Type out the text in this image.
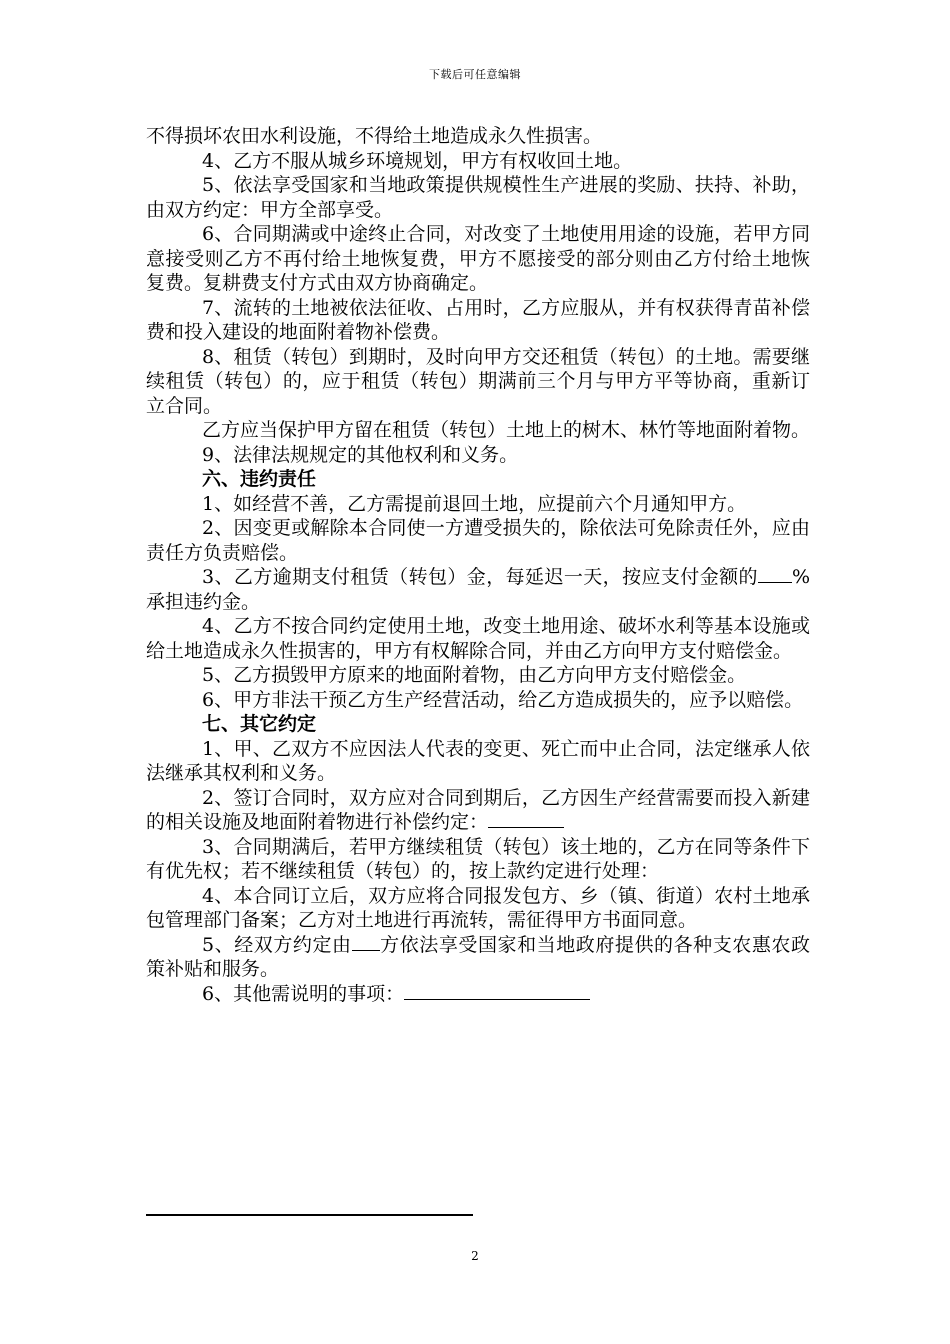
下载后可任意编辑

不得损坏农田水利设施，不得给土地造成永久性损害。

4、乙方不服从城乡环境规划，甲方有权收回土地。

5、依法享受国家和当地政策提供规模性生产进展的奖励、扶持、补助，由双方约定：甲方全部享受。

6、合同期满或中途终止合同，对改变了土地使用用途的设施，若甲方同意接受则乙方不再付给土地恢复费，甲方不愿接受的部分则由乙方付给土地恢复费。复耕费支付方式由双方协商确定。

7、流转的土地被依法征收、占用时，乙方应服从，并有权获得青苗补偿费和投入建设的地面附着物补偿费。

8、租赁（转包）到期时，及时向甲方交还租赁（转包）的土地。需要继续租赁（转包）的，应于租赁（转包）期满前三个月与甲方平等协商，重新订立合同。

乙方应当保护甲方留在租赁（转包）土地上的树木、林竹等地面附着物。

9、法律法规规定的其他权利和义务。

六、违约责任

1、如经营不善，乙方需提前退回土地，应提前六个月通知甲方。

2、因变更或解除本合同使一方遭受损失的，除依法可免除责任外，应由责任方负责赔偿。

3、乙方逾期支付租赁（转包）金，每延迟一天，按应支付金额的 %承担违约金。

4、乙方不按合同约定使用土地，改变土地用途、破坏水利等基本设施或给土地造成永久性损害的，甲方有权解除合同，并由乙方向甲方支付赔偿金。

5、乙方损毁甲方原来的地面附着物，由乙方向甲方支付赔偿金。

6、甲方非法干预乙方生产经营活动，给乙方造成损失的，应予以赔偿。

七、其它约定

1、甲、乙双方不应因法人代表的变更、死亡而中止合同，法定继承人依法继承其权利和义务。

2、签订合同时，双方应对合同到期后，乙方因生产经营需要而投入新建的相关设施及地面附着物进行补偿约定：

3、合同期满后，若甲方继续租赁（转包）该土地的，乙方在同等条件下有优先权；若不继续租赁（转包）的，按上款约定进行处理：

4、本合同订立后，双方应将合同报发包方、乡（镇、街道）农村土地承包管理部门备案；乙方对土地进行再流转，需征得甲方书面同意。

5、经双方约定由 方依法享受国家和当地政府提供的各种支农惠农政策补贴和服务。

6、其他需说明的事项：

2
